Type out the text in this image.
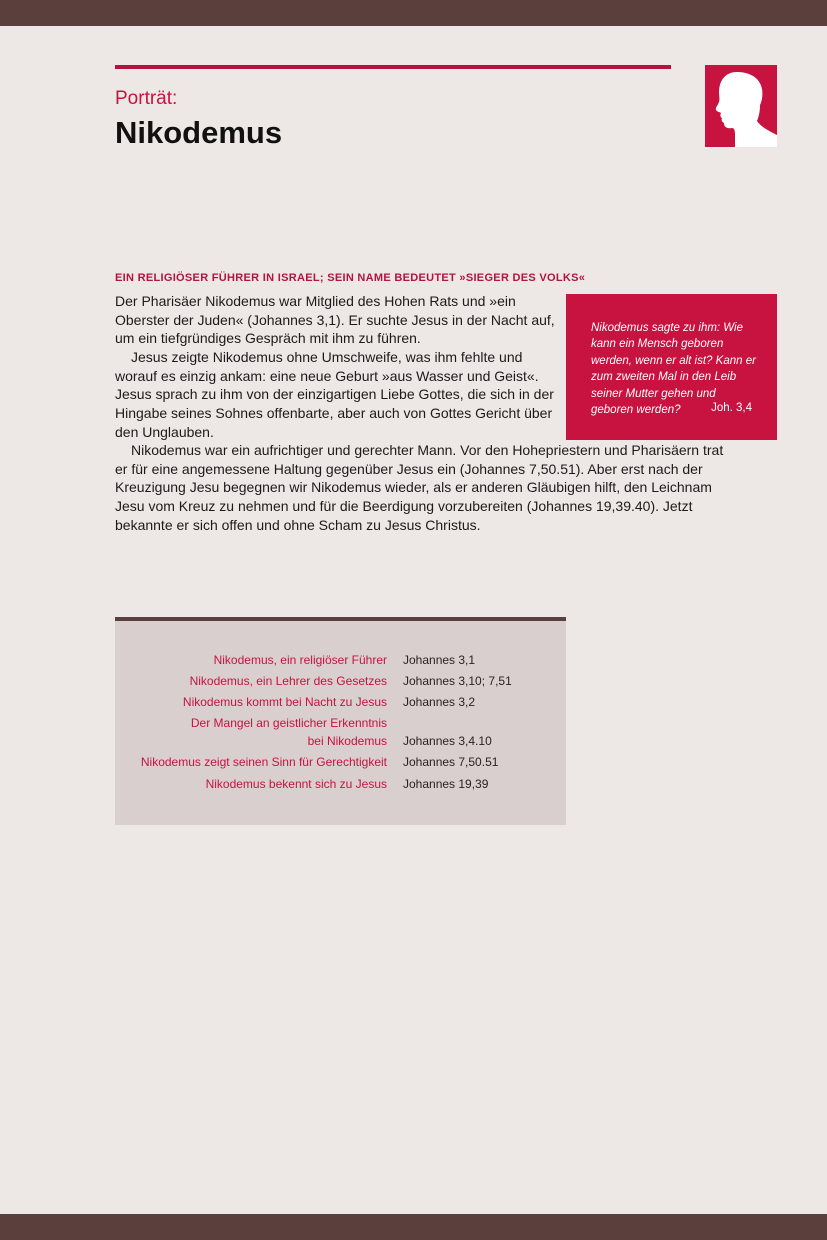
Porträt:
Nikodemus
EIN RELIGIÖSER FÜHRER IN ISRAEL; SEIN NAME BEDEUTET »SIEGER DES VOLKS«

Der Pharisäer Nikodemus war Mitglied des Hohen Rats und »ein Oberster der Juden« (Johannes 3,1). Er suchte Jesus in der Nacht auf, um ein tiefgründiges Gespräch mit ihm zu führen.

Jesus zeigte Nikodemus ohne Umschweife, was ihm fehlte und worauf es einzig ankam: eine neue Geburt »aus Wasser und Geist«. Jesus sprach zu ihm von der einzigartigen Liebe Gottes, die sich in der Hingabe seines Sohnes offenbarte, aber auch von Gottes Gericht über den Unglauben.

Nikodemus war ein aufrichtiger und gerechter Mann. Vor den Hohepriestern und Pharisäern trat er für eine angemessene Haltung gegenüber Jesus ein (Johannes 7,50.51). Aber erst nach der Kreuzigung Jesu begegnen wir Nikodemus wieder, als er anderen Gläubigen hilft, den Leichnam Jesu vom Kreuz zu nehmen und für die Beerdigung vorzubereiten (Johannes 19,39.40). Jetzt bekannte er sich offen und ohne Scham zu Jesus Christus.

Nikodemus sagte zu ihm: Wie kann ein Mensch geboren werden, wenn er alt ist? Kann er zum zweiten Mal in den Leib seiner Mutter gehen und geboren werden?	Joh. 3,4
Nikodemus, ein religiöser Führer Johannes 3,1
Nikodemus, ein Lehrer des Gesetzes Johannes 3,10; 7,51
Nikodemus kommt bei Nacht zu Jesus Johannes 3,2
Der Mangel an geistlicher Erkenntnis
bei Nikodemus Johannes 3,4.10
Nikodemus zeigt seinen Sinn für Gerechtigkeit Johannes 7,50.51
Nikodemus bekennt sich zu Jesus Johannes 19,39
